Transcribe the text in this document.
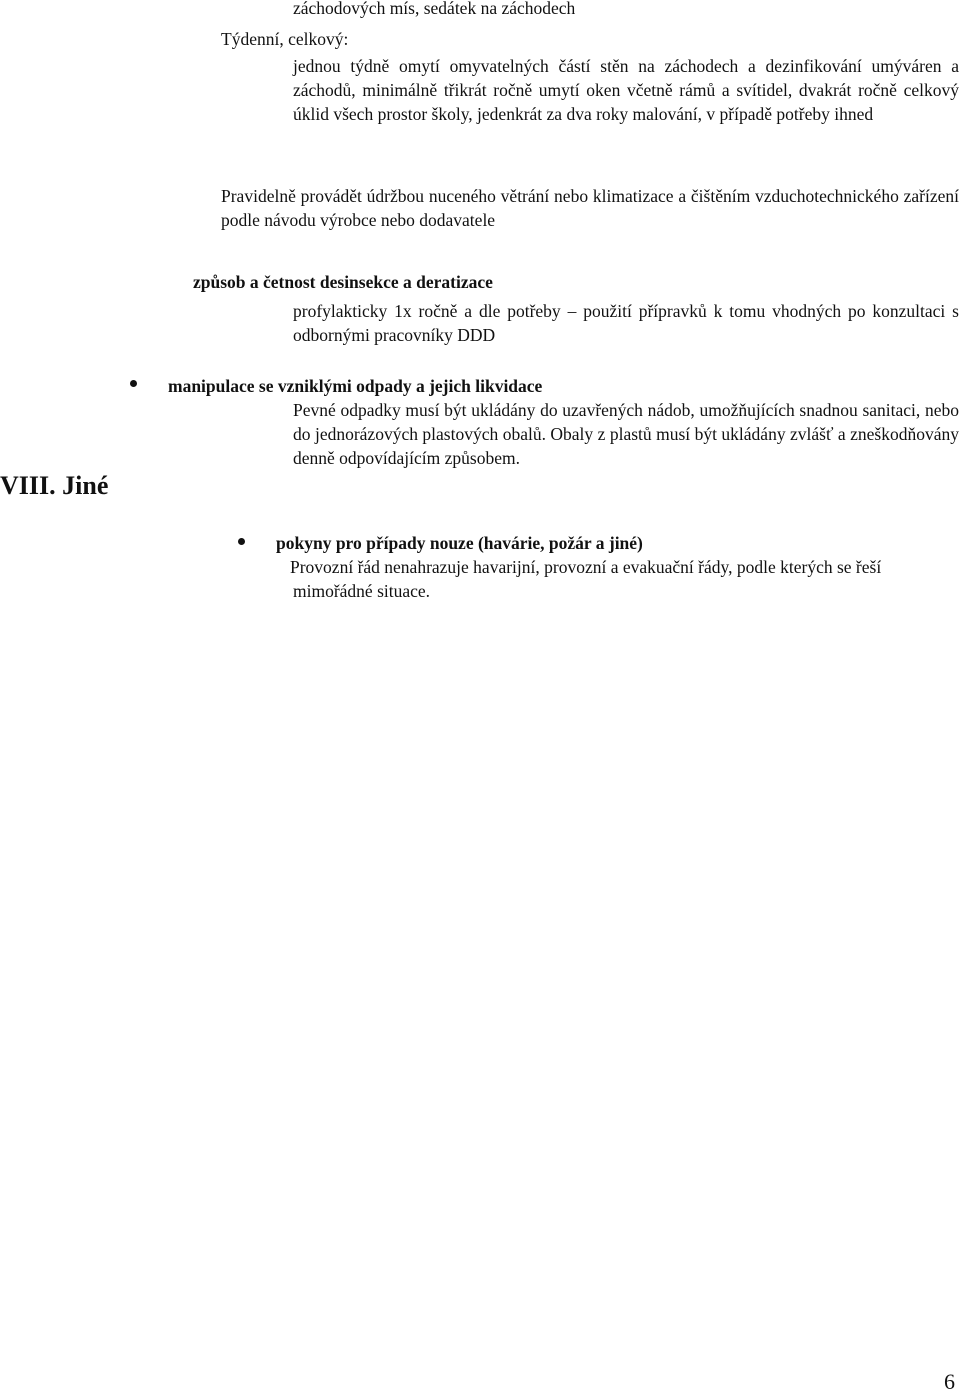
záchodových mís, sedátek na záchodech

Týdenní, celkový:

jednou týdně omytí omyvatelných částí stěn na záchodech a dezinfikování umýváren a záchodů, minimálně třikrát ročně umytí oken včetně rámů a svítidel, dvakrát ročně celkový úklid všech prostor školy, jedenkrát za dva roky malování, v případě potřeby ihned

Pravidelně provádět údržbou nuceného větrání nebo klimatizace a čištěním vzduchotechnického zařízení podle návodu výrobce nebo dodavatele

způsob a četnost desinsekce a deratizace

profylakticky 1x ročně a dle potřeby – použití přípravků k tomu vhodných po konzultaci s odbornými pracovníky DDD

manipulace se vzniklými odpady a jejich likvidace

Pevné odpadky musí být ukládány do uzavřených nádob, umožňujících snadnou sanitaci, nebo do jednorázových plastových obalů. Obaly z plastů musí být ukládány zvlášť a zneškodňovány denně odpovídajícím způsobem.

VIII. Jiné

pokyny pro případy nouze (havárie, požár a jiné)

Provozní řád nenahrazuje havarijní, provozní a evakuační řády, podle kterých se řeší mimořádné situace.

6
